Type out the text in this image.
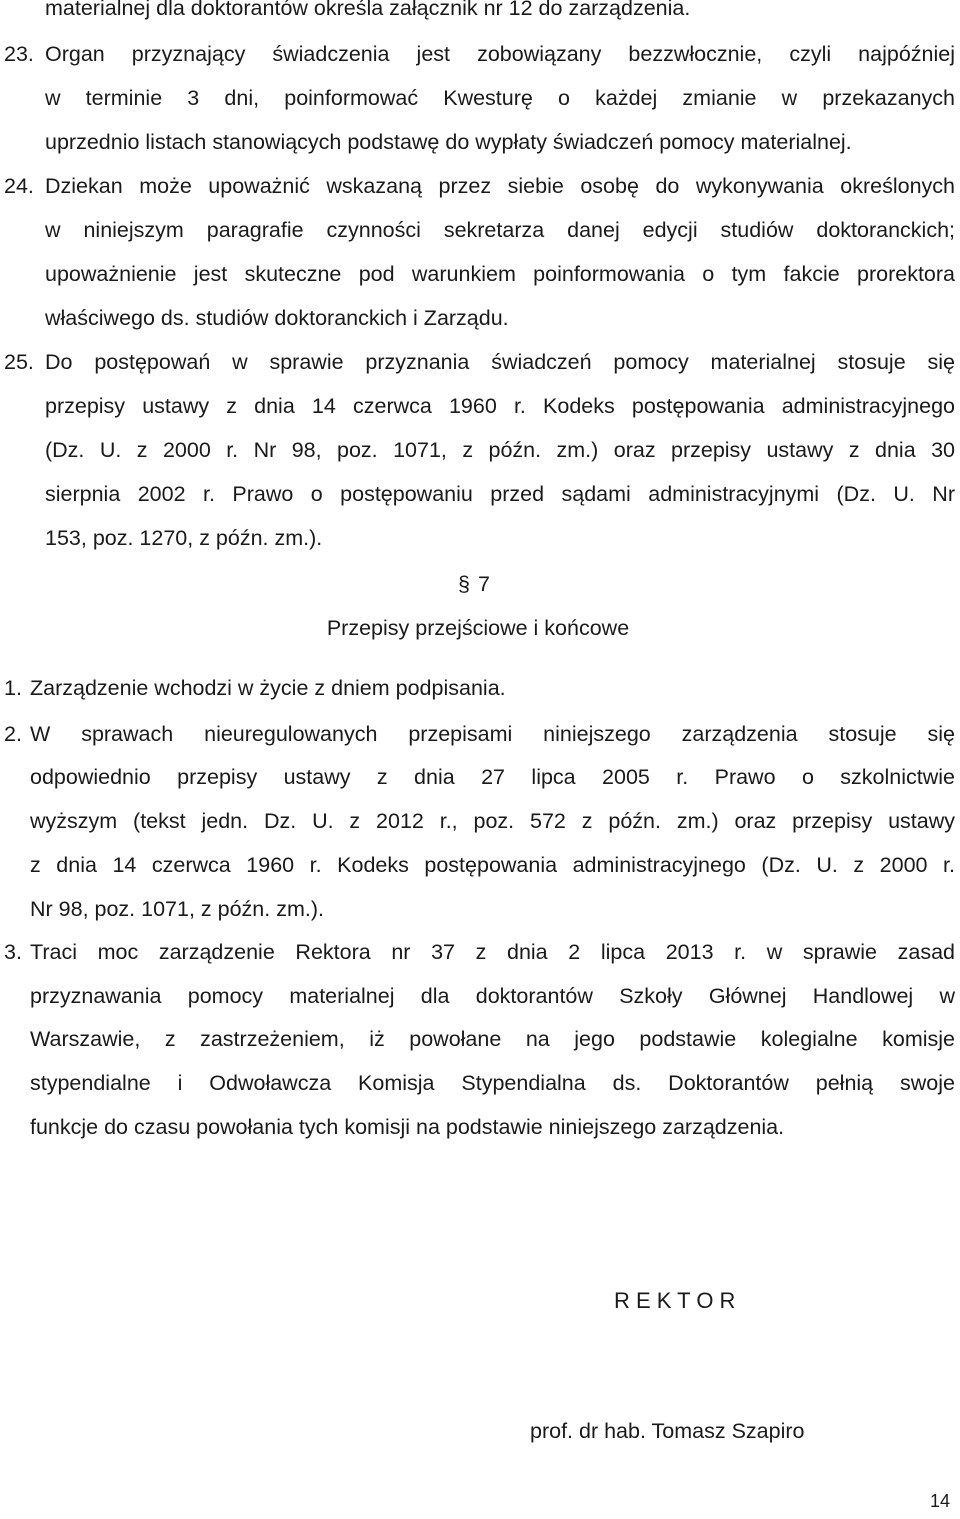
materialnej dla doktorantów określa załącznik nr 12 do zarządzenia.
23. Organ przyznający świadczenia jest zobowiązany bezzwłocznie, czyli najpóźniej
w terminie 3 dni, poinformować Kwesturę o każdej zmianie w przekazanych
uprzednio listach stanowiących podstawę do wypłaty świadczeń pomocy materialnej.
24. Dziekan może upoważnić wskazaną przez siebie osobę do wykonywania określonych
w niniejszym paragrafie czynności sekretarza danej edycji studiów doktoranckich;
upoważnienie jest skuteczne pod warunkiem poinformowania o tym fakcie prorektora
właściwego ds. studiów doktoranckich i Zarządu.
25. Do postępowań w sprawie przyznania świadczeń pomocy materialnej stosuje się
przepisy ustawy z dnia 14 czerwca 1960 r. Kodeks postępowania administracyjnego
(Dz. U. z 2000 r. Nr 98, poz. 1071, z późn. zm.) oraz przepisy ustawy z dnia 30
sierpnia 2002 r. Prawo o postępowaniu przed sądami administracyjnymi (Dz. U. Nr
153, poz. 1270, z późn. zm.).
§ 7
Przepisy przejściowe i końcowe
1. Zarządzenie wchodzi w życie z dniem podpisania.
2. W sprawach nieuregulowanych przepisami niniejszego zarządzenia stosuje się
odpowiednio przepisy ustawy z dnia 27 lipca 2005 r. Prawo o szkolnictwie
wyższym (tekst jedn. Dz. U. z 2012 r., poz. 572 z późn. zm.) oraz przepisy ustawy
z dnia 14 czerwca 1960 r. Kodeks postępowania administracyjnego (Dz. U. z 2000 r.
Nr 98, poz. 1071, z późn. zm.).
3. Traci moc zarządzenie Rektora nr 37 z dnia 2 lipca 2013 r. w sprawie zasad
przyznawania pomocy materialnej dla doktorantów Szkoły Głównej Handlowej w
Warszawie, z zastrzeżeniem, iż powołane na jego podstawie kolegialne komisje
stypendialne i Odwoławcza Komisja Stypendialna ds. Doktorantów pełnią swoje
funkcje do czasu powołania tych komisji na podstawie niniejszego zarządzenia.
R E K T O R
prof. dr hab. Tomasz Szapiro
14
